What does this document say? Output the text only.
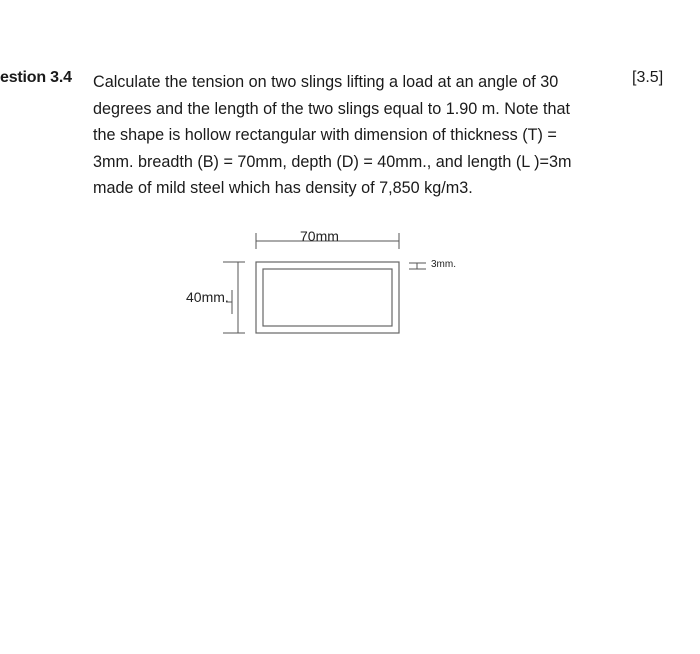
estion 3.4 Calculate the tension on two slings lifting a load at an angle of 30
degrees and the length of the two slings equal to 1.90 m. Note that
the shape is hollow rectangular with dimension of thickness (T) =
3mm. breadth (B) = 70mm, depth (D) = 40mm., and length (L )=3m
made of mild steel which has density of 7,850 kg/m3.
[3.5]
70mm
40mm.
3mm.
